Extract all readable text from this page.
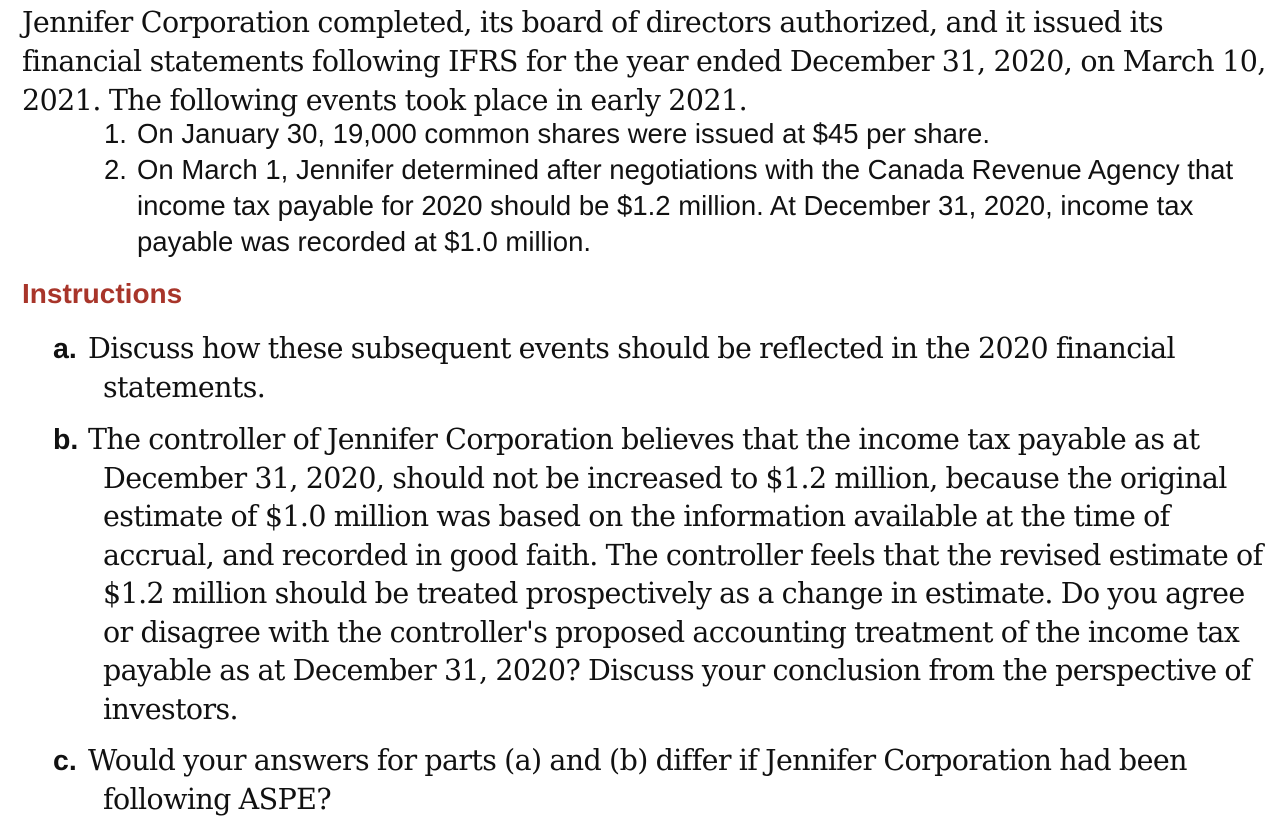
Jennifer Corporation completed, its board of directors authorized, and it issued its financial statements following IFRS for the year ended December 31, 2020, on March 10, 2021. The following events took place in early 2021.
1. On January 30, 19,000 common shares were issued at $45 per share.
2. On March 1, Jennifer determined after negotiations with the Canada Revenue Agency that income tax payable for 2020 should be $1.2 million. At December 31, 2020, income tax payable was recorded at $1.0 million.
Instructions
a. Discuss how these subsequent events should be reflected in the 2020 financial statements.
b. The controller of Jennifer Corporation believes that the income tax payable as at December 31, 2020, should not be increased to $1.2 million, because the original estimate of $1.0 million was based on the information available at the time of accrual, and recorded in good faith. The controller feels that the revised estimate of $1.2 million should be treated prospectively as a change in estimate. Do you agree or disagree with the controller's proposed accounting treatment of the income tax payable as at December 31, 2020? Discuss your conclusion from the perspective of investors.
c. Would your answers for parts (a) and (b) differ if Jennifer Corporation had been following ASPE?
